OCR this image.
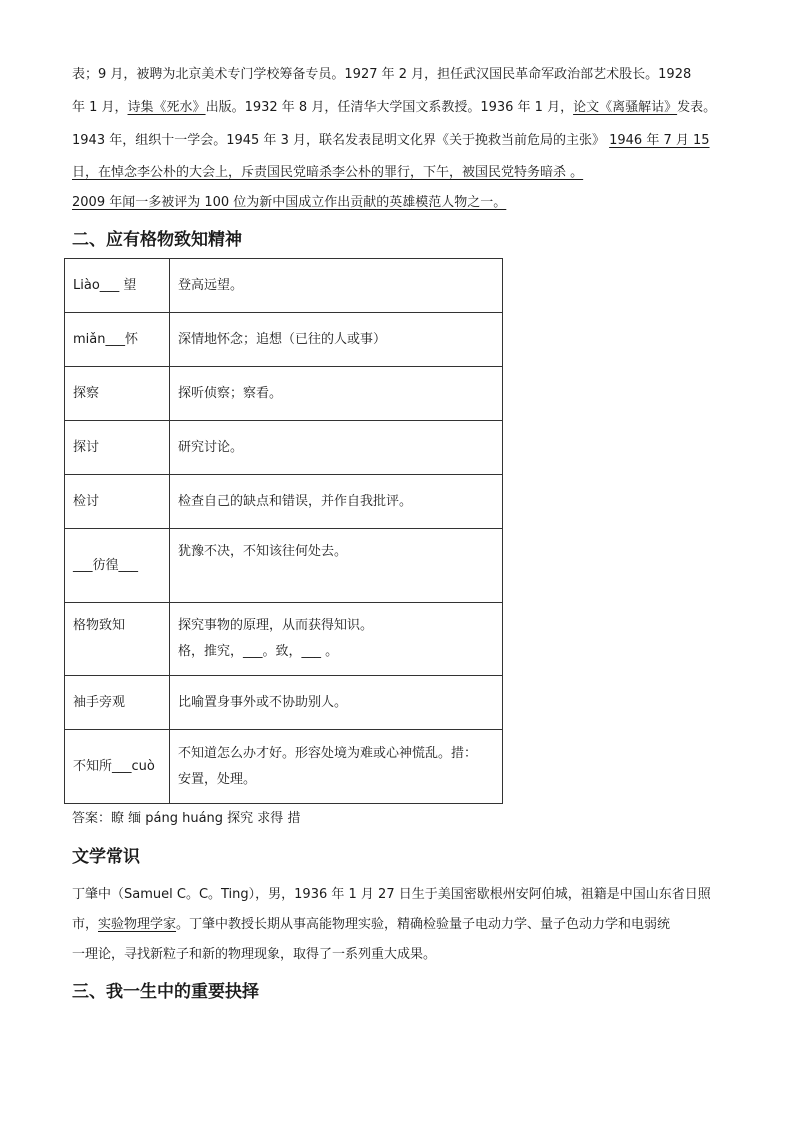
表；9 月，被聘为北京美术专门学校筹备专员。1927 年 2 月，担任武汉国民革命军政治部艺术股长。1928

年 1 月，诗集《死水》出版。1932 年 8 月，任清华大学国文系教授。1936 年 1 月，论文《离骚解诂》发表。

1943 年，组织十一学会。1945 年 3 月，联名发表昆明文化界《关于挽救当前危局的主张》 1946 年 7 月 15

日，在悼念李公朴的大会上，斥责国民党暗杀李公朴的罪行，下午，被国民党特务暗杀 。

2009 年闻一多被评为 100 位为新中国成立作出贡献的英雄模范人物之一。

二、应有格物致知精神
Liào___ 望	登高远望。
miǎn___怀	深情地怀念；追想（已往的人或事）
探察	探听侦察；察看。
探讨	研究讨论。
检讨	检查自己的缺点和错误，并作自我批评。
___彷徨___	犹豫不决，不知该往何处去。
格物致知	探究事物的原理，从而获得知识。
格，推究，___。致，___ 。

袖手旁观	比喻置身事外或不协助别人。
不知所___cuò	不知道怎么办才好。形容处境为难或心神慌乱。措：
安置，处理。

答案：瞭 缅 páng huáng 探究 求得 措

文学常识

丁肇中（Samuel C。C。Ting），男，1936 年 1 月 27 日生于美国密歇根州安阿伯城，祖籍是中国山东省日照

市，实验物理学家。丁肇中教授长期从事高能物理实验，精确检验量子电动力学、量子色动力学和电弱统

一理论，寻找新粒子和新的物理现象，取得了一系列重大成果。

三、我一生中的重要抉择
